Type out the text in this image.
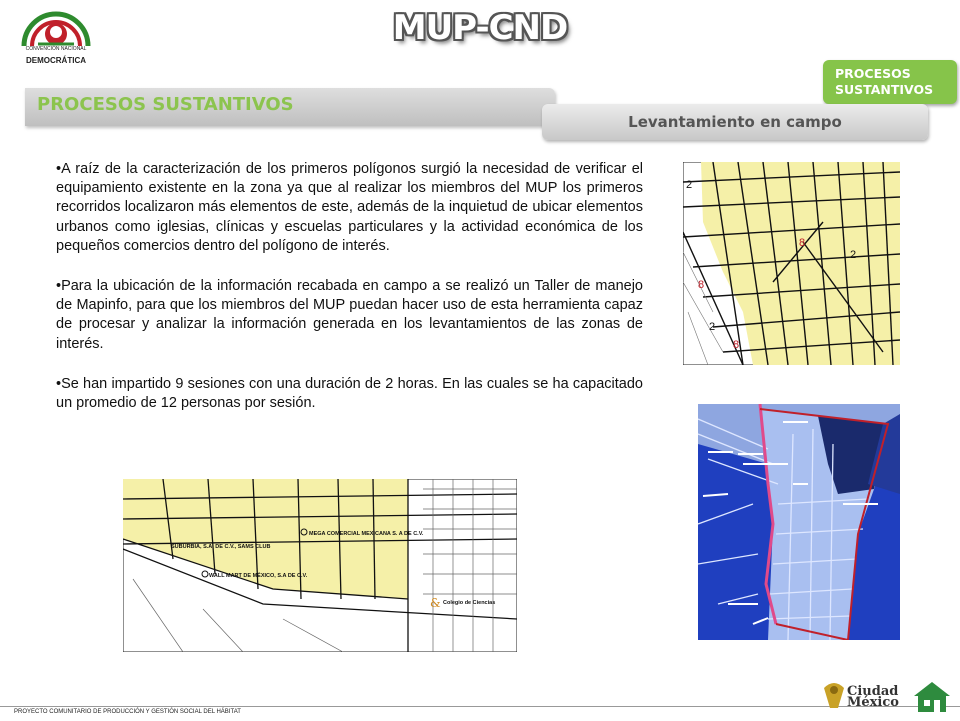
CONVENCIÓN NACIONAL
DEMOCRÁTICA
MUP-CND
PROCESOS SUSTANTIVOS
PROCESOS SUSTANTIVOS
Levantamiento en campo

•A raíz de la caracterización de los primeros polígonos surgió la necesidad de verificar el equipamiento existente en la zona ya que al realizar los miembros del MUP los primeros recorridos localizaron más elementos de este, además de la inquietud de ubicar elementos urbanos como iglesias, clínicas y escuelas particulares y la actividad económica de los pequeños comercios dentro del polígono de interés.

•Para la ubicación de la información recabada en campo a se realizó un Taller de manejo de Mapinfo, para que los miembros del MUP puedan hacer uso de esta herramienta capaz de procesar y analizar la información generada en los levantamientos de las zonas de interés.

•Se han impartido 9 sesiones con una duración de 2 horas. En las cuales se ha capacitado un promedio de 12 personas por sesión.

2
8
2
8
2
8
MEGA COMERCIAL MEXICANA S. A DE C.V.
SUBURBIA, S.A. DE C.V., SAMS CLUB
WALL MART DE MÉXICO, S.A DE C.V.
& Colegio de Ciencias
PROYECTO COMUNITARIO DE PRODUCCIÓN Y GESTIÓN SOCIAL DEL HÁBITAT
Ciudad
México
